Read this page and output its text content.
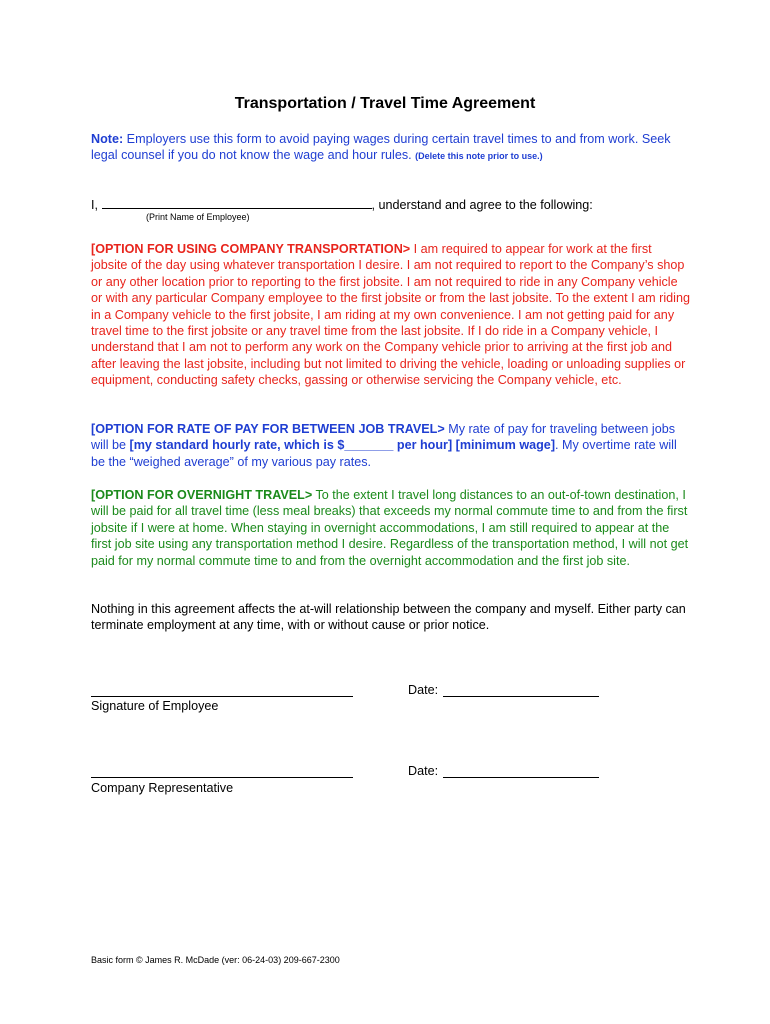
Transportation / Travel Time Agreement

Note: Employers use this form to avoid paying wages during certain travel times to and from work. Seek legal counsel if you do not know the wage and hour rules. (Delete this note prior to use.)

I,	, understand and agree to the following:

(Print Name of Employee)

[OPTION FOR USING COMPANY TRANSPORTATION> I am required to appear for work at the first jobsite of the day using whatever transportation I desire. I am not required to report to the Company’s shop or any other location prior to reporting to the first jobsite. I am not required to ride in any Company vehicle or with any particular Company employee to the first jobsite or from the last jobsite. To the extent I am riding in a Company vehicle to the first jobsite, I am riding at my own convenience. I am not getting paid for any travel time to the first jobsite or any travel time from the last jobsite. If I do ride in a Company vehicle, I understand that I am not to perform any work on the Company vehicle prior to arriving at the first job and after leaving the last jobsite, including but not limited to driving the vehicle, loading or unloading supplies or equipment, conducting safety checks, gassing or otherwise servicing the Company vehicle, etc.

[OPTION FOR RATE OF PAY FOR BETWEEN JOB TRAVEL> My rate of pay for traveling between jobs will be [my standard hourly rate, which is $_______ per hour] [minimum wage]. My overtime rate will be the “weighed average” of my various pay rates.

[OPTION FOR OVERNIGHT TRAVEL> To the extent I travel long distances to an out-of-town destination, I will be paid for all travel time (less meal breaks) that exceeds my normal commute time to and from the first jobsite if I were at home. When staying in overnight accommodations, I am still required to appear at the first job site using any transportation method I desire. Regardless of the transportation method, I will not get paid for my normal commute time to and from the overnight accommodation and the first job site.

Nothing in this agreement affects the at-will relationship between the company and myself. Either party can terminate employment at any time, with or without cause or prior notice.

Signature of Employee
Date:
Company Representative
Date:
Basic form © James R. McDade (ver: 06-24-03) 209-667-2300
